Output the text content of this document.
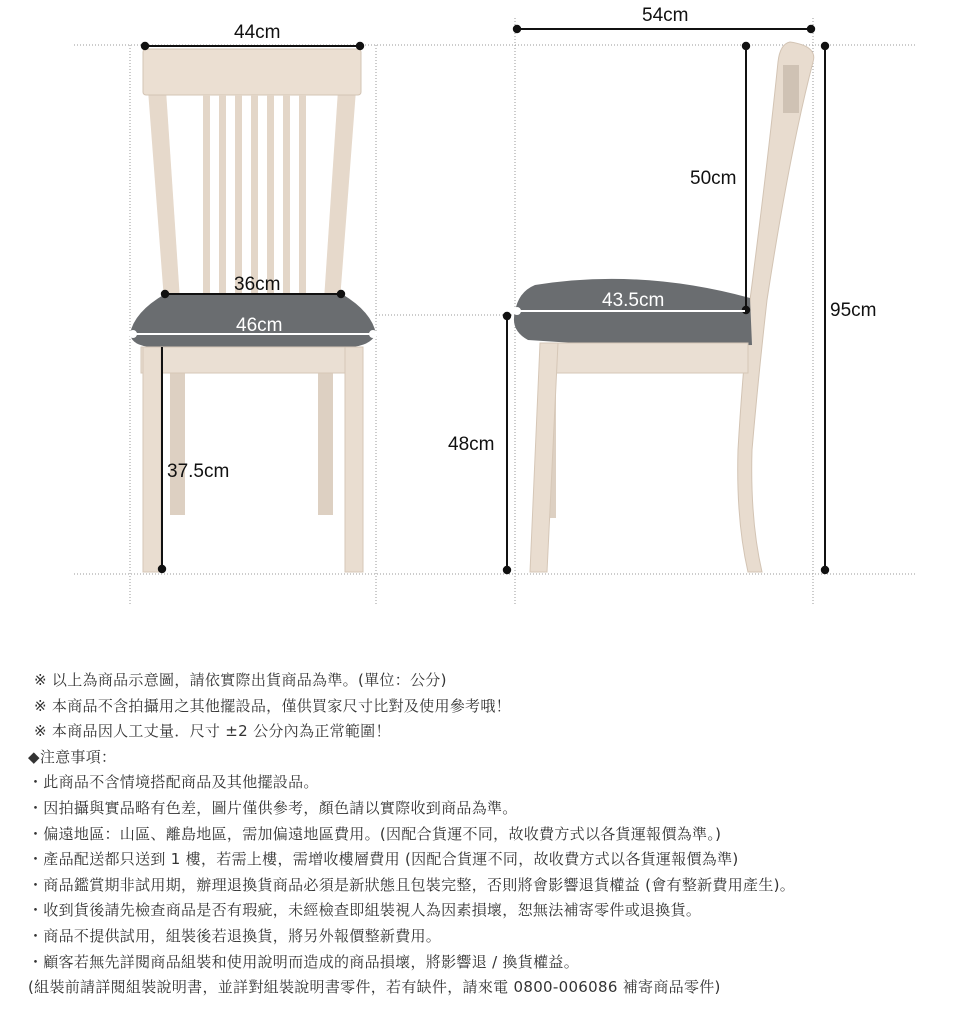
44cm
36cm
46cm
37.5cm
54cm
50cm
43.5cm
48cm
95cm
※ 以上為商品示意圖，請依實際出貨商品為準。(單位：公分)
※ 本商品不含拍攝用之其他擺設品，僅供買家尺寸比對及使用參考哦！
※ 本商品因人工丈量．尺寸 ±2 公分內為正常範圍！
◆注意事項：
・此商品不含情境搭配商品及其他擺設品。
・因拍攝與實品略有色差，圖片僅供參考，顏色請以實際收到商品為準。
・偏遠地區：山區、離島地區，需加偏遠地區費用。(因配合貨運不同，故收費方式以各貨運報價為準。)
・產品配送都只送到 1 樓，若需上樓，需增收樓層費用 (因配合貨運不同，故收費方式以各貨運報價為準)
・商品鑑賞期非試用期，辦理退換貨商品必須是新狀態且包裝完整，否則將會影響退貨權益 (會有整新費用產生)。
・收到貨後請先檢查商品是否有瑕疵，未經檢查即組裝視人為因素損壞，恕無法補寄零件或退換貨。
・商品不提供試用，組裝後若退換貨，將另外報價整新費用。
・顧客若無先詳閱商品組裝和使用說明而造成的商品損壞，將影響退 / 換貨權益。
(組裝前請詳閱組裝說明書，並詳對組裝說明書零件，若有缺件，請來電 0800-006086 補寄商品零件)
